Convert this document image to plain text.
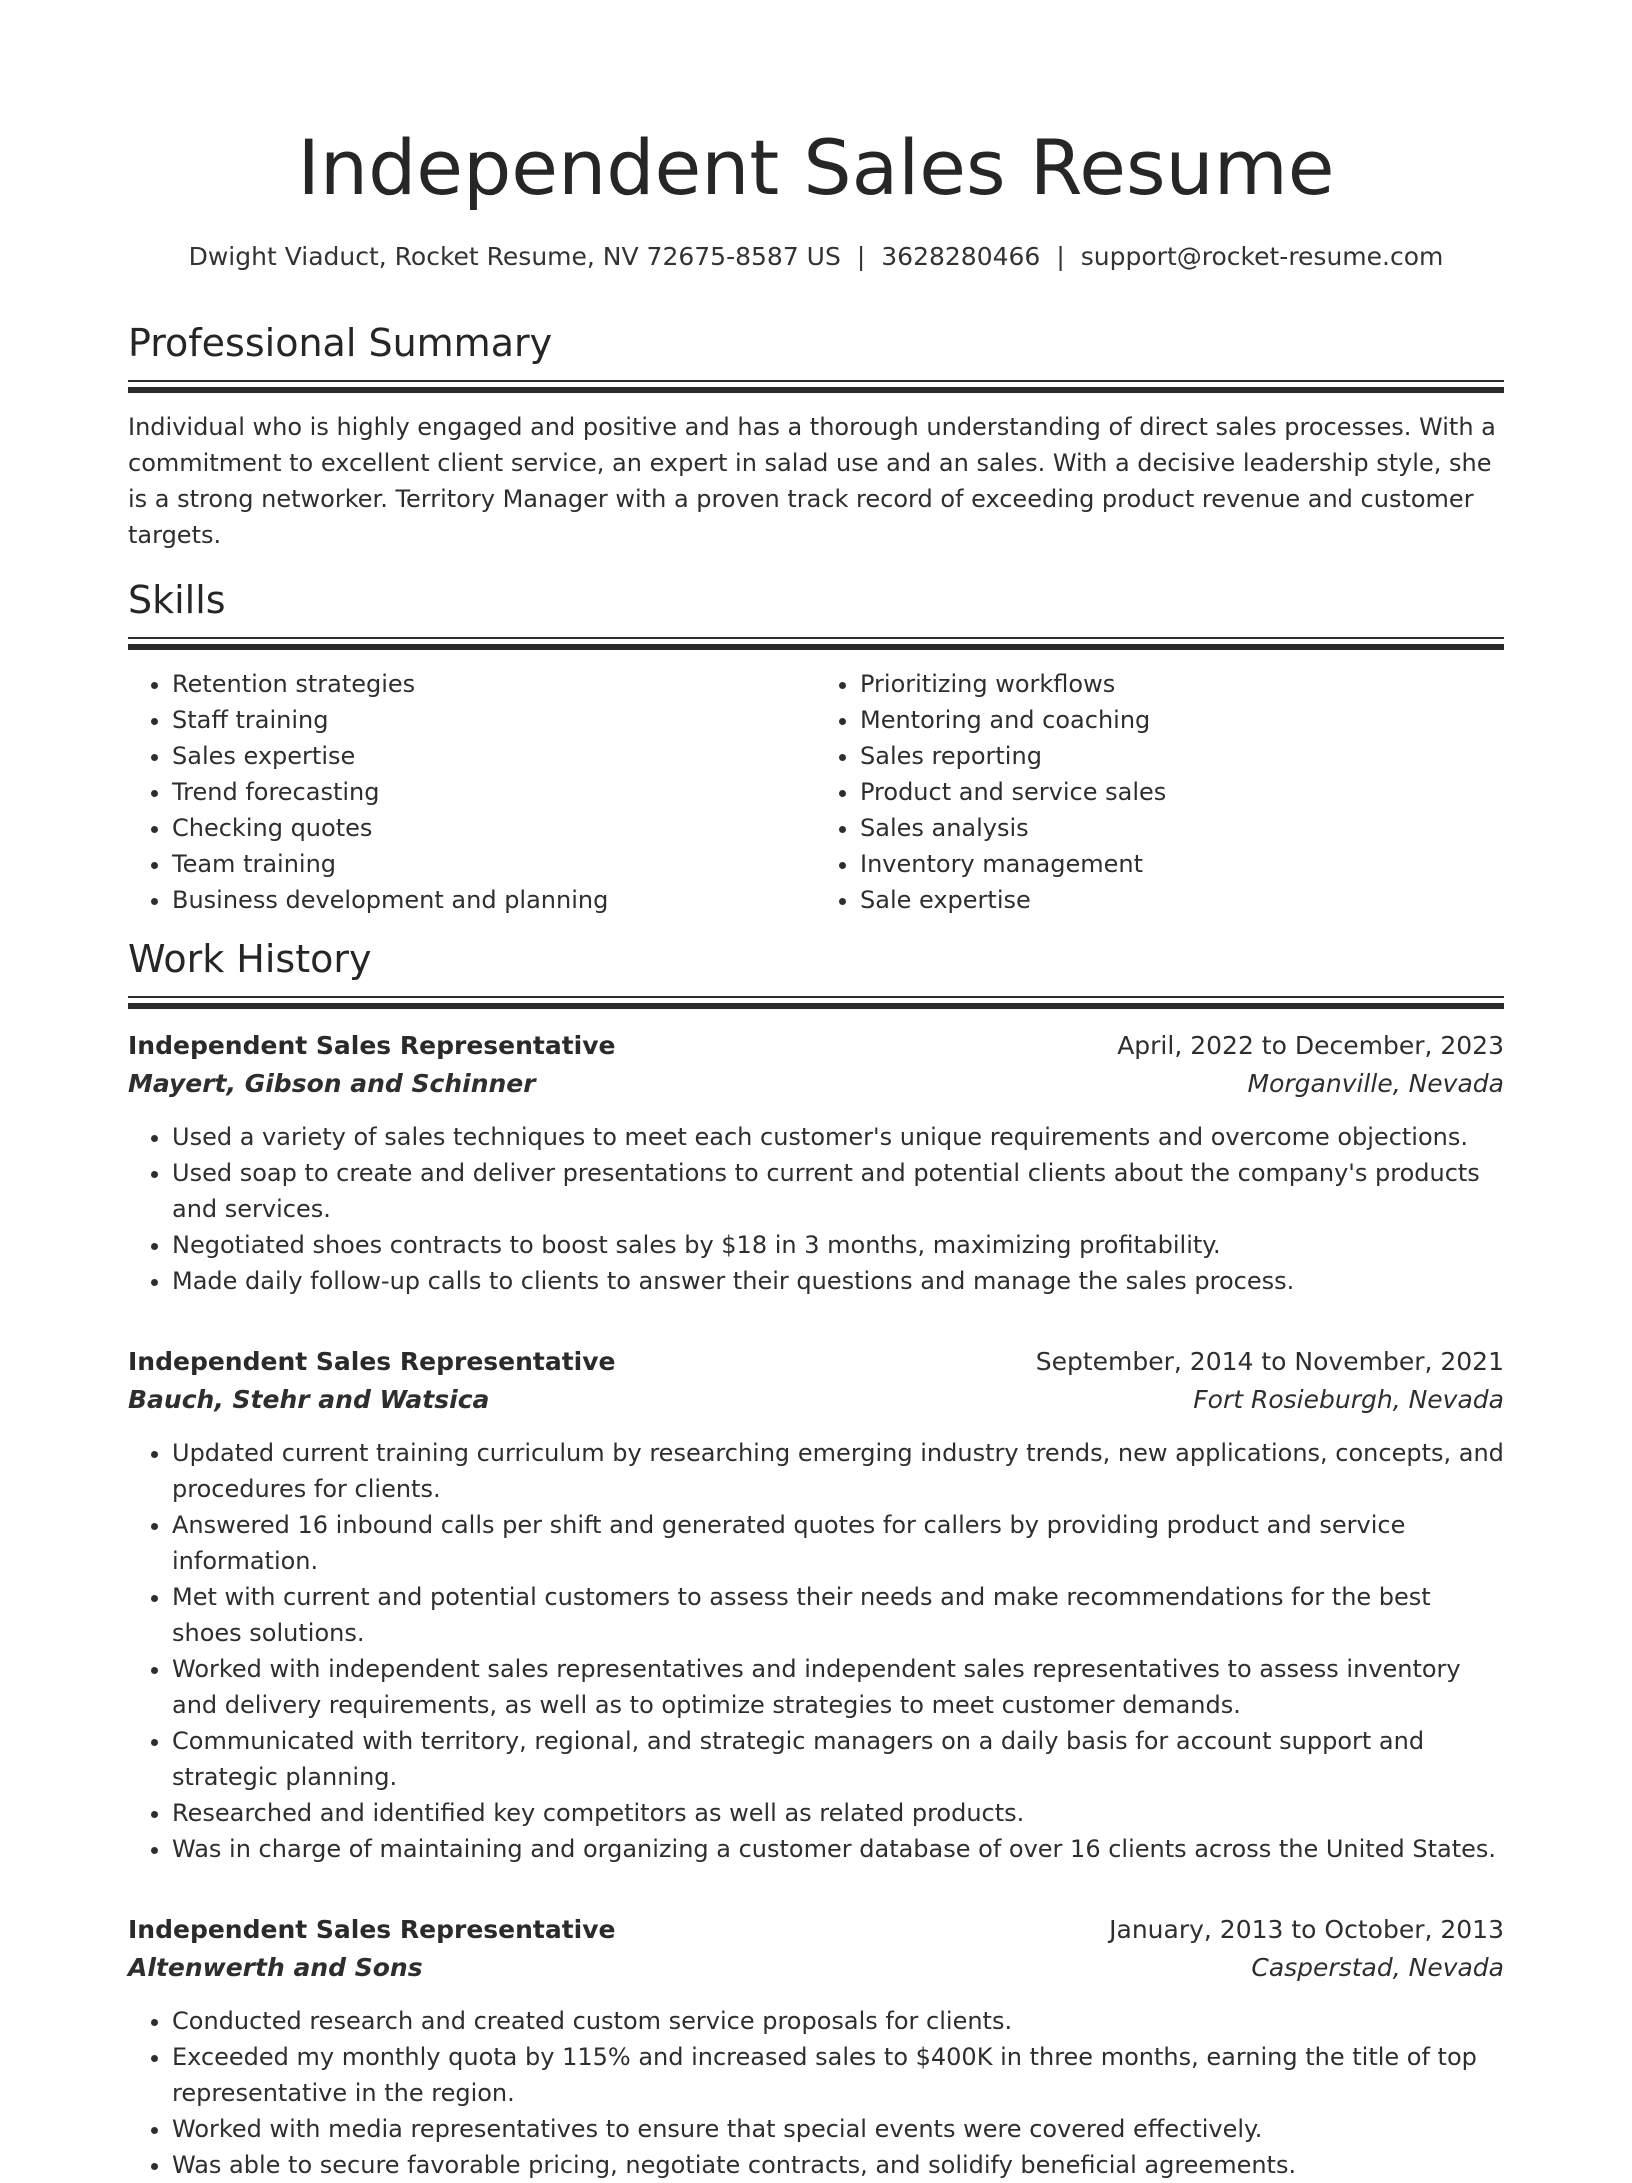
Independent Sales Resume
Dwight Viaduct, Rocket Resume, NV 72675-8587 US | 3628280466 | support@rocket-resume.com
Professional Summary

Individual who is highly engaged and positive and has a thorough understanding of direct sales processes. With a commitment to excellent client service, an expert in salad use and an sales. With a decisive leadership style, she is a strong networker. Territory Manager with a proven track record of exceeding product revenue and customer targets.

Skills
• Retention strategies
• Staff training
• Sales expertise
• Trend forecasting
• Checking quotes
• Team training
• Business development and planning
• Prioritizing workflows
• Mentoring and coaching
• Sales reporting
• Product and service sales
• Sales analysis
• Inventory management
• Sale expertise
Work History
Independent Sales Representative	April, 2022 to December, 2023
Mayert, Gibson and Schinner	Morganville, Nevada
• Used a variety of sales techniques to meet each customer's unique requirements and overcome objections.
• Used soap to create and deliver presentations to current and potential clients about the company's products and services.
• Negotiated shoes contracts to boost sales by $18 in 3 months, maximizing profitability.
• Made daily follow-up calls to clients to answer their questions and manage the sales process.
Independent Sales Representative	September, 2014 to November, 2021
Bauch, Stehr and Watsica	Fort Rosieburgh, Nevada
• Updated current training curriculum by researching emerging industry trends, new applications, concepts, and procedures for clients.
• Answered 16 inbound calls per shift and generated quotes for callers by providing product and service information.
• Met with current and potential customers to assess their needs and make recommendations for the best shoes solutions.
• Worked with independent sales representatives and independent sales representatives to assess inventory and delivery requirements, as well as to optimize strategies to meet customer demands.
• Communicated with territory, regional, and strategic managers on a daily basis for account support and strategic planning.
• Researched and identified key competitors as well as related products.
• Was in charge of maintaining and organizing a customer database of over 16 clients across the United States.
Independent Sales Representative	January, 2013 to October, 2013
Altenwerth and Sons	Casperstad, Nevada
• Conducted research and created custom service proposals for clients.
• Exceeded my monthly quota by 115% and increased sales to $400K in three months, earning the title of top representative in the region.
• Worked with media representatives to ensure that special events were covered effectively.
• Was able to secure favorable pricing, negotiate contracts, and solidify beneficial agreements.
